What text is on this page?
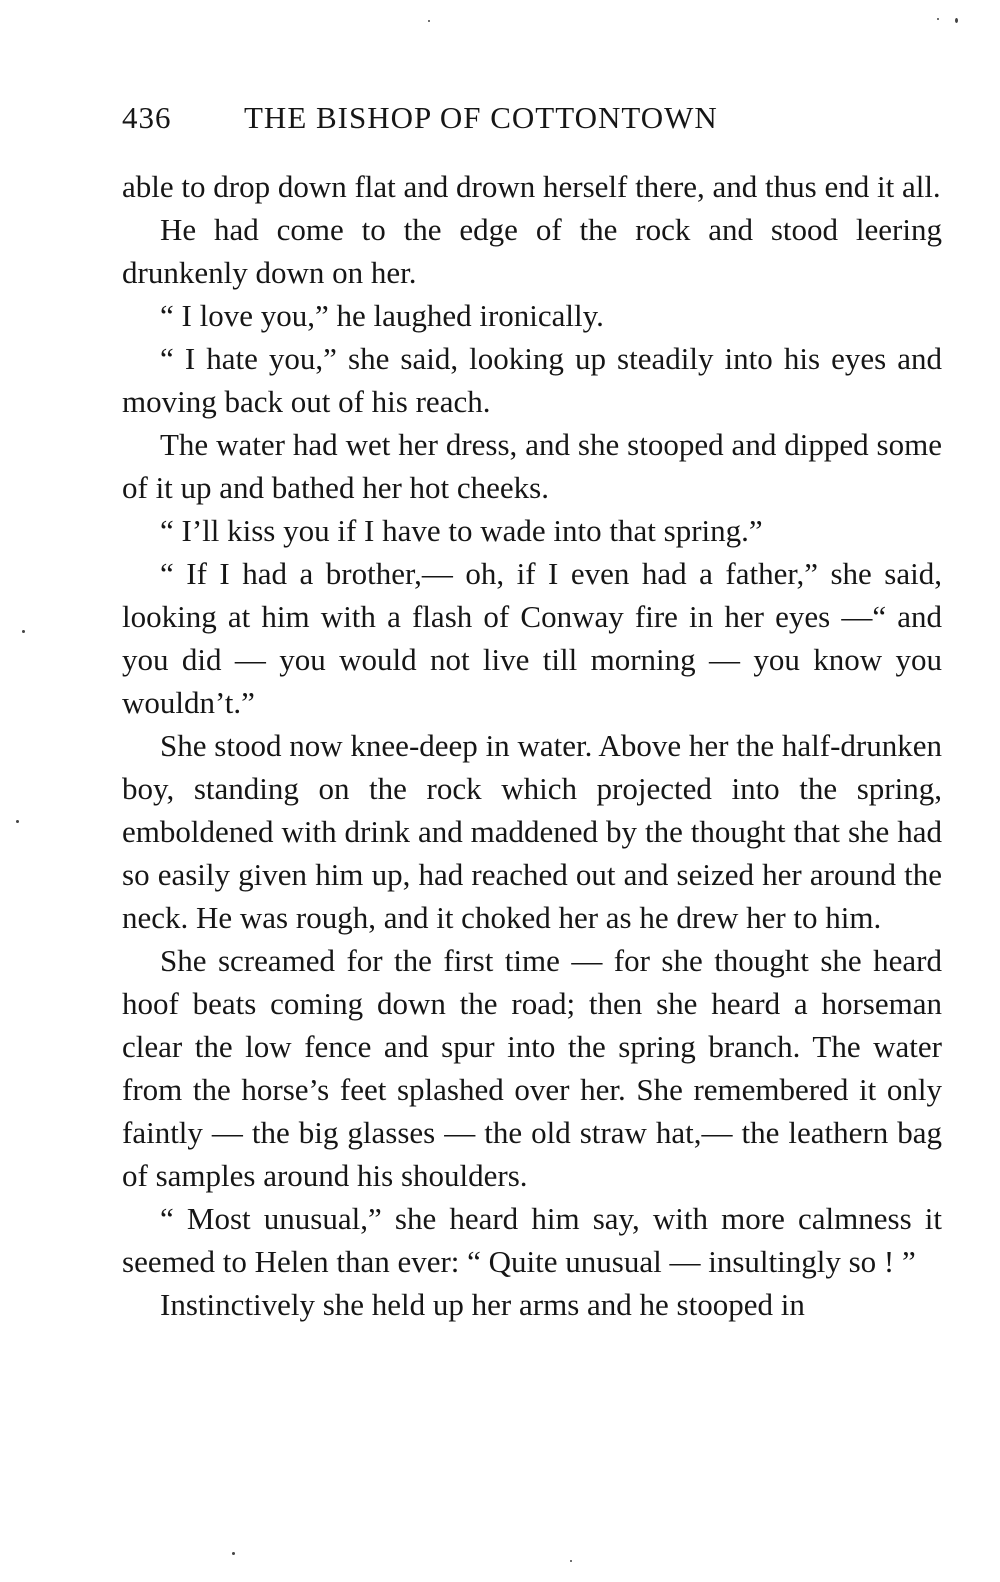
436 THE BISHOP OF COTTONTOWN

able to drop down flat and drown herself there, and thus end it all.

He had come to the edge of the rock and stood leering drunkenly down on her.

“ I love you,” he laughed ironically.

“ I hate you,” she said, looking up steadily into his eyes and moving back out of his reach.

The water had wet her dress, and she stooped and dipped some of it up and bathed her hot cheeks.

“ I’ll kiss you if I have to wade into that spring.”

“ If I had a brother,— oh, if I even had a father,” she said, looking at him with a flash of Conway fire in her eyes —“ and you did — you would not live till morning — you know you wouldn’t.”

She stood now knee-deep in water. Above her the half-drunken boy, standing on the rock which projected into the spring, emboldened with drink and maddened by the thought that she had so easily given him up, had reached out and seized her around the neck. He was rough, and it choked her as he drew her to him.

She screamed for the first time — for she thought she heard hoof beats coming down the road; then she heard a horseman clear the low fence and spur into the spring branch. The water from the horse’s feet splashed over her. She remembered it only faintly — the big glasses — the old straw hat,— the leathern bag of samples around his shoulders.

“ Most unusual,” she heard him say, with more calmness it seemed to Helen than ever: “ Quite unusual — insultingly so ! ”

Instinctively she held up her arms and he stooped in
